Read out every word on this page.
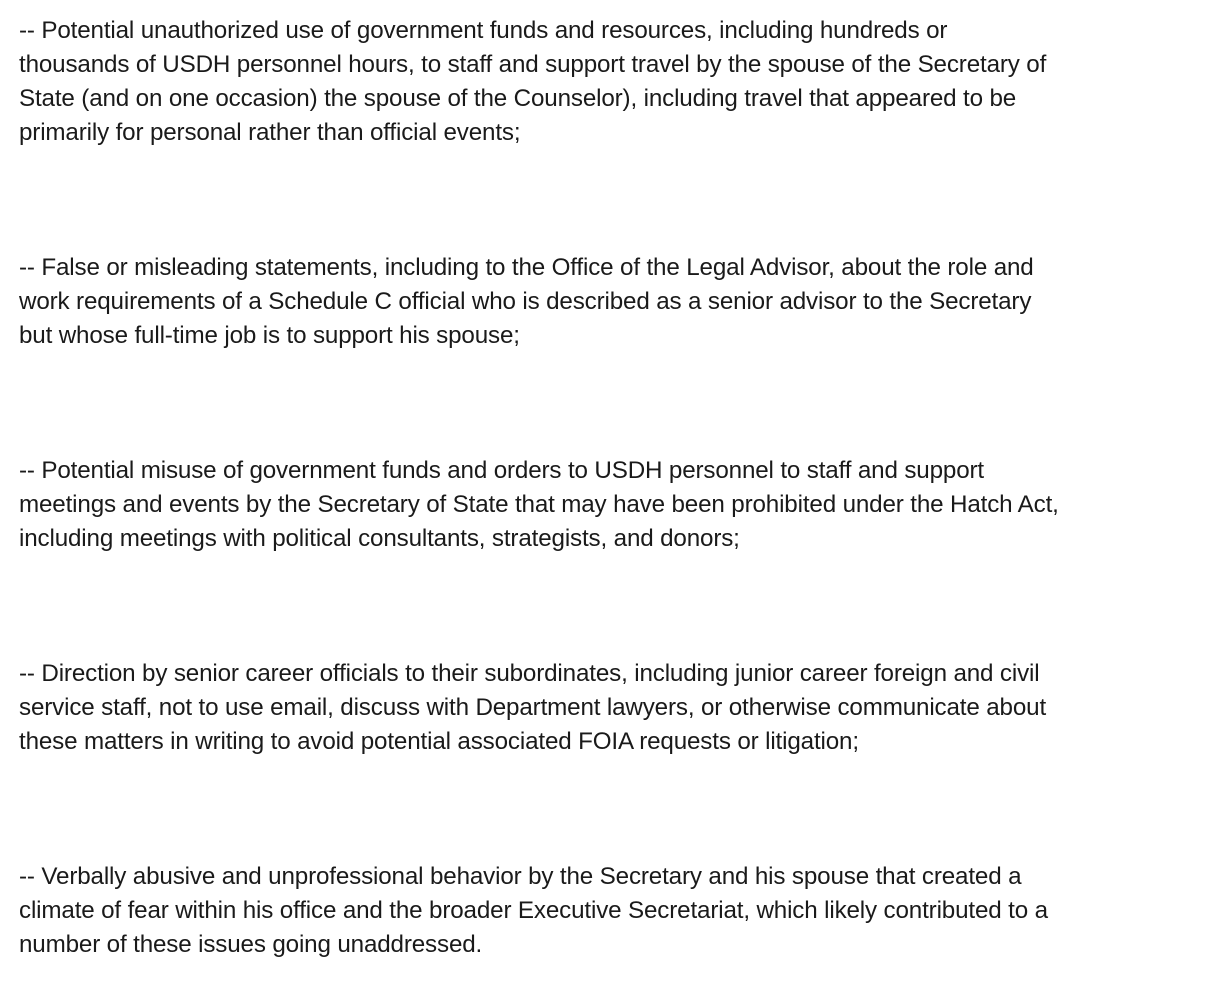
-- Potential unauthorized use of government funds and resources, including hundreds or
thousands of USDH personnel hours, to staff and support travel by the spouse of the Secretary of
State (and on one occasion) the spouse of the Counselor), including travel that appeared to be
primarily for personal rather than official events;

-- False or misleading statements, including to the Office of the Legal Advisor, about the role and
work requirements of a Schedule C official who is described as a senior advisor to the Secretary
but whose full-time job is to support his spouse;

-- Potential misuse of government funds and orders to USDH personnel to staff and support
meetings and events by the Secretary of State that may have been prohibited under the Hatch Act,
including meetings with political consultants, strategists, and donors;

-- Direction by senior career officials to their subordinates, including junior career foreign and civil
service staff, not to use email, discuss with Department lawyers, or otherwise communicate about
these matters in writing to avoid potential associated FOIA requests or litigation;

-- Verbally abusive and unprofessional behavior by the Secretary and his spouse that created a
climate of fear within his office and the broader Executive Secretariat, which likely contributed to a
number of these issues going unaddressed.
